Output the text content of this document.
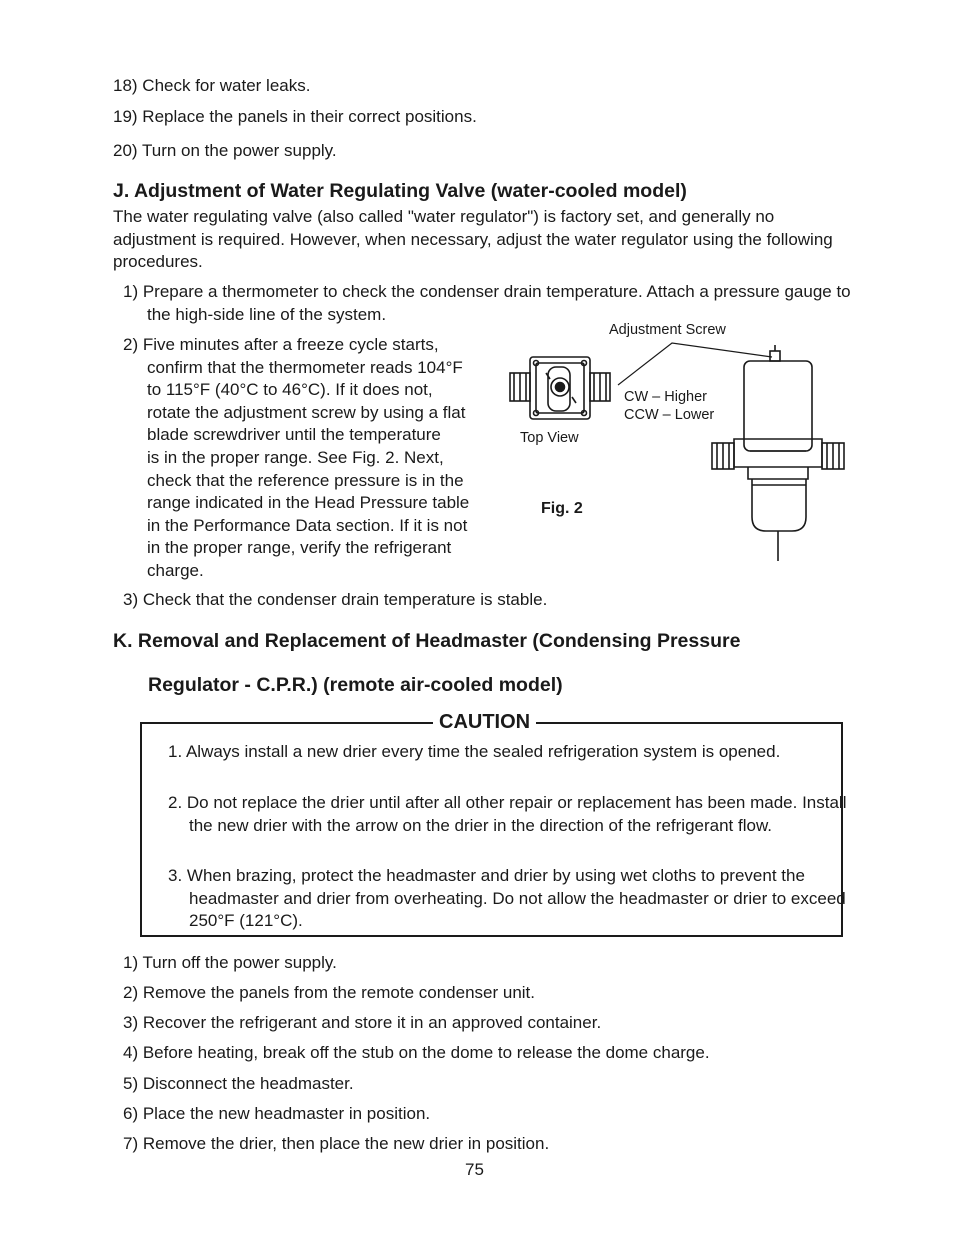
18) Check for water leaks.
19) Replace the panels in their correct positions.
20) Turn on the power supply.
J. Adjustment of Water Regulating Valve (water-cooled model)
The water regulating valve (also called "water regulator") is factory set, and generally no adjustment is required. However, when necessary, adjust the water regulator using the following procedures.
1) Prepare a thermometer to check the condenser drain temperature. Attach a pressure gauge to the high-side line of the system.
2) Five minutes after a freeze cycle starts,
confirm that the thermometer reads 104°F
to 115°F (40°C to 46°C). If it does not,
rotate the adjustment screw by using a flat
blade screwdriver until the temperature
is in the proper range. See Fig. 2. Next,
check that the reference pressure is in the
range indicated in the Head Pressure table
in the Performance Data section. If it is not
in the proper range, verify the refrigerant
charge.
Adjustment Screw
CW – Higher
CCW – Lower
Top View
Fig. 2
3) Check that the condenser drain temperature is stable.
K. Removal and Replacement of Headmaster (Condensing Pressure
Regulator - C.P.R.) (remote air-cooled model)
CAUTION
1. Always install a new drier every time the sealed refrigeration system is opened.
2. Do not replace the drier until after all other repair or replacement has been made. Install the new drier with the arrow on the drier in the direction of the refrigerant flow.
3. When brazing, protect the headmaster and drier by using wet cloths to prevent the headmaster and drier from overheating. Do not allow the headmaster or drier to exceed 250°F (121°C).
1) Turn off the power supply.
2) Remove the panels from the remote condenser unit.
3) Recover the refrigerant and store it in an approved container.
4) Before heating, break off the stub on the dome to release the dome charge.
5) Disconnect the headmaster.
6) Place the new headmaster in position.
7) Remove the drier, then place the new drier in position.
75
